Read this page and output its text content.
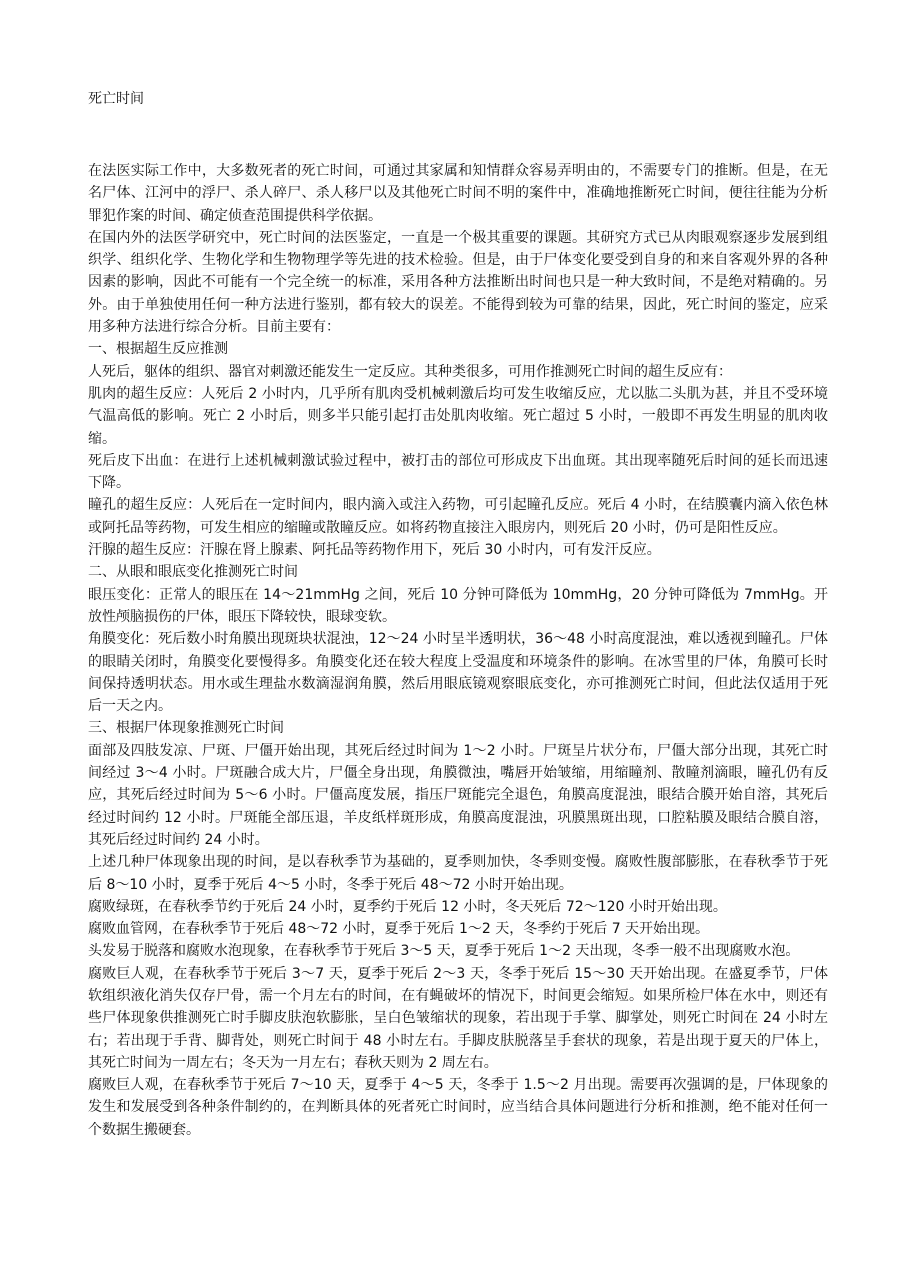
死亡时间

在法医实际工作中，大多数死者的死亡时间，可通过其家属和知情群众容易弄明由的，不需要专门的推断。但是，在无名尸体、江河中的浮尸、杀人碎尸、杀人移尸以及其他死亡时间不明的案件中，准确地推断死亡时间，便往往能为分析罪犯作案的时间、确定侦查范围提供科学依据。

在国内外的法医学研究中，死亡时间的法医鉴定，一直是一个极其重要的课题。其研究方式已从肉眼观察逐步发展到组织学、组织化学、生物化学和生物物理学等先进的技术检验。但是，由于尸体变化要受到自身的和来自客观外界的各种因素的影响，因此不可能有一个完全统一的标准，采用各种方法推断出时间也只是一种大致时间，不是绝对精确的。另外。由于单独使用任何一种方法进行鉴别，都有较大的误差。不能得到较为可靠的结果，因此，死亡时间的鉴定，应采用多种方法进行综合分析。目前主要有：

一、根据超生反应推测

人死后，躯体的组织、器官对刺激还能发生一定反应。其种类很多，可用作推测死亡时间的超生反应有：

肌肉的超生反应：人死后 2 小时内，几乎所有肌肉受机械刺激后均可发生收缩反应，尤以肱二头肌为甚，并且不受环境气温高低的影响。死亡 2 小时后，则多半只能引起打击处肌肉收缩。死亡超过 5 小时，一般即不再发生明显的肌肉收缩。

死后皮下出血：在进行上述机械刺激试验过程中，被打击的部位可形成皮下出血斑。其出现率随死后时间的延长而迅速下降。

瞳孔的超生反应：人死后在一定时间内，眼内滴入或注入药物，可引起瞳孔反应。死后 4 小时，在结膜囊内滴入依色林或阿托品等药物，可发生相应的缩瞳或散瞳反应。如将药物直接注入眼房内，则死后 20 小时，仍可是阳性反应。

汗腺的超生反应：汗腺在肾上腺素、阿托品等药物作用下，死后 30 小时内，可有发汗反应。

二、从眼和眼底变化推测死亡时间

眼压变化：正常人的眼压在 14～21mmHg 之间，死后 10 分钟可降低为 10mmHg，20 分钟可降低为 7mmHg。开放性颅脑损伤的尸体，眼压下降较快，眼球变软。

角膜变化：死后数小时角膜出现斑块状混浊，12～24 小时呈半透明状，36～48 小时高度混浊，难以透视到瞳孔。尸体的眼睛关闭时，角膜变化要慢得多。角膜变化还在较大程度上受温度和环境条件的影响。在冰雪里的尸体，角膜可长时间保持透明状态。用水或生理盐水数滴湿润角膜，然后用眼底镜观察眼底变化，亦可推测死亡时间，但此法仅适用于死后一天之内。

三、根据尸体现象推测死亡时间

面部及四肢发凉、尸斑、尸僵开始出现，其死后经过时间为 1～2 小时。尸斑呈片状分布，尸僵大部分出现，其死亡时间经过 3～4 小时。尸斑融合成大片，尸僵全身出现，角膜微浊，嘴唇开始皱缩，用缩瞳剂、散瞳剂滴眼，瞳孔仍有反应，其死后经过时间为 5～6 小时。尸僵高度发展，指压尸斑能完全退色，角膜高度混浊，眼结合膜开始自溶，其死后经过时间约 12 小时。尸斑能全部压退，羊皮纸样斑形成，角膜高度混浊，巩膜黑斑出现，口腔粘膜及眼结合膜自溶，其死后经过时间约 24 小时。

上述几种尸体现象出现的时间，是以春秋季节为基础的，夏季则加快，冬季则变慢。腐败性腹部膨胀，在春秋季节于死后 8～10 小时，夏季于死后 4～5 小时，冬季于死后 48～72 小时开始出现。

腐败绿斑，在春秋季节约于死后 24 小时，夏季约于死后 12 小时，冬天死后 72～120 小时开始出现。

腐败血管网，在春秋季节于死后 48～72 小时，夏季于死后 1～2 天，冬季约于死后 7 天开始出现。

头发易于脱落和腐败水泡现象，在春秋季节于死后 3～5 天，夏季于死后 1～2 天出现，冬季一般不出现腐败水泡。

腐败巨人观，在春秋季节于死后 3～7 天，夏季于死后 2～3 天，冬季于死后 15～30 天开始出现。在盛夏季节，尸体软组织液化消失仅存尸骨，需一个月左右的时间，在有蝇破坏的情况下，时间更会缩短。如果所检尸体在水中，则还有些尸体现象供推测死亡时手脚皮肤泡软膨胀，呈白色皱缩状的现象，若出现于手掌、脚掌处，则死亡时间在 24 小时左右；若出现于手背、脚背处，则死亡时间于 48 小时左右。手脚皮肤脱落呈手套状的现象，若是出现于夏天的尸体上，其死亡时间为一周左右；冬天为一月左右；春秋天则为 2 周左右。

腐败巨人观，在春秋季节于死后 7～10 天，夏季于 4～5 天，冬季于 1.5～2 月出现。需要再次强调的是，尸体现象的发生和发展受到各种条件制约的，在判断具体的死者死亡时间时，应当结合具体问题进行分析和推测，绝不能对任何一个数据生搬硬套。
